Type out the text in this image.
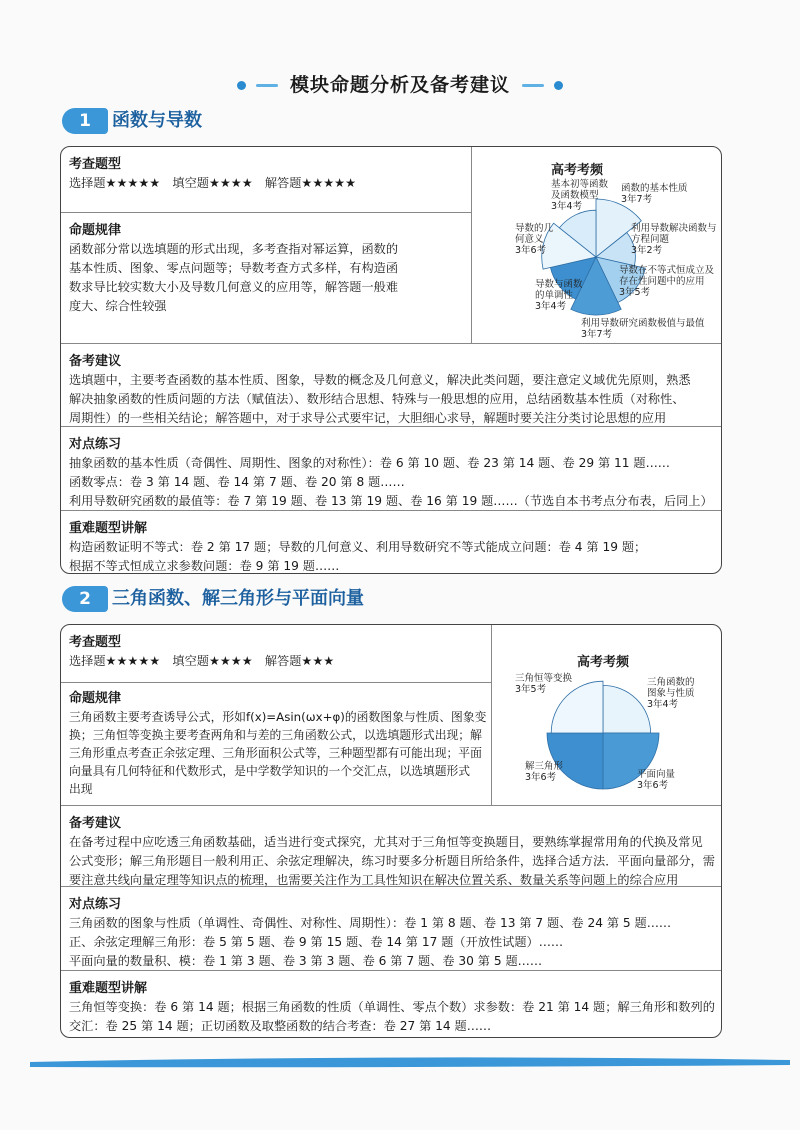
模块命题分析及备考建议
1	函数与导数
考查题型
选择题★★★★★　填空题★★★★　解答题★★★★★
命题规律
函数部分常以选填题的形式出现，多考查指对幂运算，函数的
基本性质、图象、零点问题等；导数考查方式多样，有构造函
数求导比较实数大小及导数几何意义的应用等，解答题一般难
度大、综合性较强
高考考频
函数的基本性质
3年7考
利用导数解决函数与
方程问题
3年2考
导数在不等式恒成立及
存在性问题中的应用
3年5考
利用导数研究函数极值与最值
3年7考
导数与函数
的单调性
3年4考
导数的几
何意义
3年6考
基本初等函数
及函数模型
3年4考
备考建议
选填题中，主要考查函数的基本性质、图象，导数的概念及几何意义，解决此类问题，要注意定义域优先原则，熟悉
解决抽象函数的性质问题的方法（赋值法）、数形结合思想、特殊与一般思想的应用，总结函数基本性质（对称性、
周期性）的一些相关结论；解答题中，对于求导公式要牢记，大胆细心求导，解题时要关注分类讨论思想的应用
对点练习
抽象函数的基本性质（奇偶性、周期性、图象的对称性）：卷 6 第 10 题、卷 23 第 14 题、卷 29 第 11 题……
函数零点：卷 3 第 14 题、卷 14 第 7 题、卷 20 第 8 题……
利用导数研究函数的最值等：卷 7 第 19 题、卷 13 第 19 题、卷 16 第 19 题……（节选自本书考点分布表，后同上）
重难题型讲解
构造函数证明不等式：卷 2 第 17 题；导数的几何意义、利用导数研究不等式能成立问题：卷 4 第 19 题；
根据不等式恒成立求参数问题：卷 9 第 19 题……
2	三角函数、解三角形与平面向量
考查题型
选择题★★★★★　填空题★★★★　解答题★★★
命题规律
三角函数主要考查诱导公式，形如f(x)=Asin(ωx+φ)的函数图象与性质、图象变
换；三角恒等变换主要考查两角和与差的三角函数公式，以选填题形式出现；解
三角形重点考查正余弦定理、三角形面积公式等，三种题型都有可能出现；平面
向量具有几何特征和代数形式，是中学数学知识的一个交汇点，以选填题形式
出现
高考考频
三角函数的
图象与性质
3年4考
平面向量
3年6考
解三角形
3年6考
三角恒等变换
3年5考
备考建议
在备考过程中应吃透三角函数基础，适当进行变式探究，尤其对于三角恒等变换题目，要熟练掌握常用角的代换及常见
公式变形；解三角形题目一般利用正、余弦定理解决，练习时要多分析题目所给条件，选择合适方法．平面向量部分，需
要注意共线向量定理等知识点的梳理，也需要关注作为工具性知识在解决位置关系、数量关系等问题上的综合应用
对点练习
三角函数的图象与性质（单调性、奇偶性、对称性、周期性）：卷 1 第 8 题、卷 13 第 7 题、卷 24 第 5 题……
正、余弦定理解三角形：卷 5 第 5 题、卷 9 第 15 题、卷 14 第 17 题（开放性试题）……
平面向量的数量积、模：卷 1 第 3 题、卷 3 第 3 题、卷 6 第 7 题、卷 30 第 5 题……
重难题型讲解
三角恒等变换：卷 6 第 14 题；根据三角函数的性质（单调性、零点个数）求参数：卷 21 第 14 题；解三角形和数列的
交汇：卷 25 第 14 题；正切函数及取整函数的结合考查：卷 27 第 14 题……
